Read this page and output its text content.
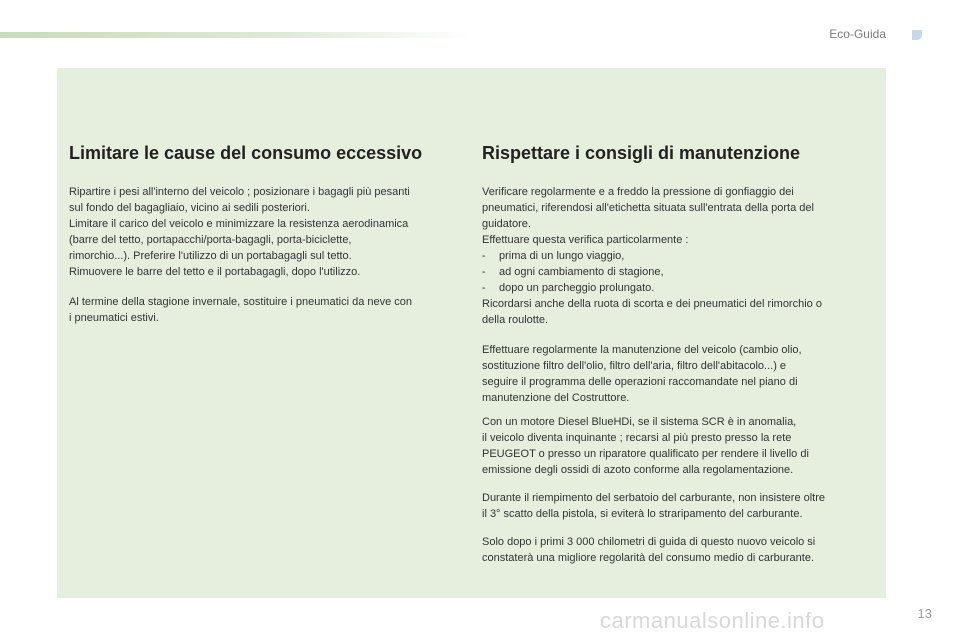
Eco-Guida
Limitare le cause del consumo eccessivo

Ripartire i pesi all'interno del veicolo ; posizionare i bagagli più pesanti
sul fondo del bagagliaio, vicino ai sedili posteriori.
Limitare il carico del veicolo e minimizzare la resistenza aerodinamica
(barre del tetto, portapacchi/porta-bagagli, porta-biciclette,
rimorchio...). Preferire l'utilizzo di un portabagagli sul tetto.
Rimuovere le barre del tetto e il portabagagli, dopo l'utilizzo.

Al termine della stagione invernale, sostituire i pneumatici da neve con
i pneumatici estivi.

Rispettare i consigli di manutenzione

Verificare regolarmente e a freddo la pressione di gonfiaggio dei
pneumatici, riferendosi all'etichetta situata sull'entrata della porta del
guidatore.
Effettuare questa verifica particolarmente :

- prima di un lungo viaggio,
- ad ogni cambiamento di stagione,
- dopo un parcheggio prolungato.

Ricordarsi anche della ruota di scorta e dei pneumatici del rimorchio o
della roulotte.

Effettuare regolarmente la manutenzione del veicolo (cambio olio,
sostituzione filtro dell'olio, filtro dell'aria, filtro dell'abitacolo...) e
seguire il programma delle operazioni raccomandate nel piano di
manutenzione del Costruttore.

Con un motore Diesel BlueHDi, se il sistema SCR è in anomalia,
il veicolo diventa inquinante ; recarsi al più presto presso la rete
PEUGEOT o presso un riparatore qualificato per rendere il livello di
emissione degli ossidi di azoto conforme alla regolamentazione.

Durante il riempimento del serbatoio del carburante, non insistere oltre
il 3° scatto della pistola, si eviterà lo straripamento del carburante.

Solo dopo i primi 3 000 chilometri di guida di questo nuovo veicolo si
constaterà una migliore regolarità del consumo medio di carburante.

carmanualsonline.info	13
